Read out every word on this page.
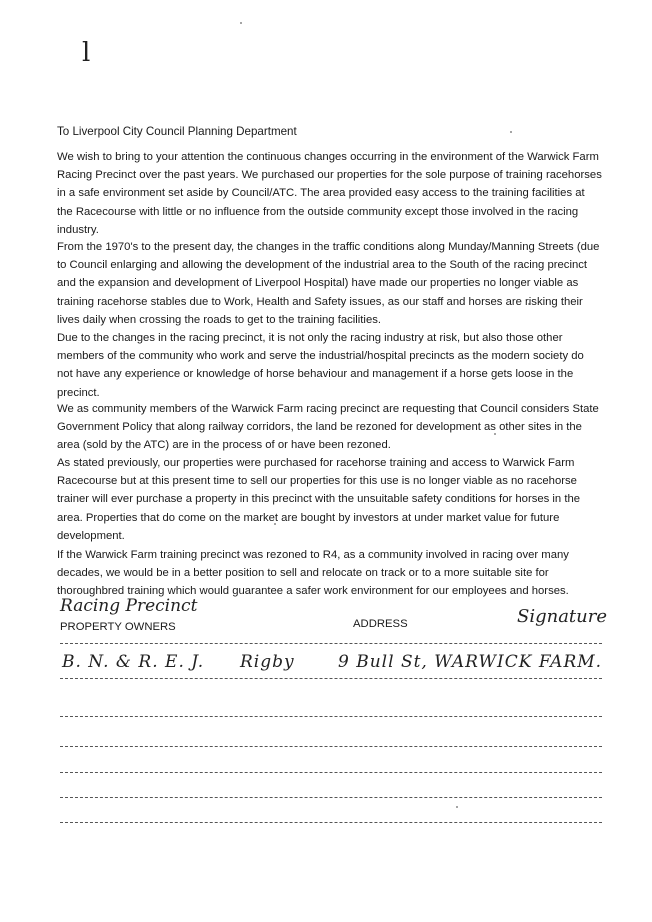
l
To Liverpool City Council Planning Department

We wish to bring to your attention the continuous changes occurring in the environment of the Warwick Farm Racing Precinct over the past years. We purchased our properties for the sole purpose of training racehorses in a safe environment set aside by Council/ATC. The area provided easy access to the training facilities at the Racecourse with little or no influence from the outside community except those involved in the racing industry.

From the 1970's to the present day, the changes in the traffic conditions along Munday/Manning Streets (due to Council enlarging and allowing the development of the industrial area to the South of the racing precinct and the expansion and development of Liverpool Hospital) have made our properties no longer viable as training racehorse stables due to Work, Health and Safety issues, as our staff and horses are risking their lives daily when crossing the roads to get to the training facilities.

Due to the changes in the racing precinct, it is not only the racing industry at risk, but also those other members of the community who work and serve the industrial/hospital precincts as the modern society do not have any experience or knowledge of horse behaviour and management if a horse gets loose in the precinct.

We as community members of the Warwick Farm racing precinct are requesting that Council considers State Government Policy that along railway corridors, the land be rezoned for development as other sites in the area (sold by the ATC) are in the process of or have been rezoned.

As stated previously, our properties were purchased for racehorse training and access to Warwick Farm Racecourse but at this present time to sell our properties for this use is no longer viable as no racehorse trainer will ever purchase a property in this precinct with the unsuitable safety conditions for horses in the area. Properties that do come on the market are bought by investors at under market value for future development.

If the Warwick Farm training precinct was rezoned to R4, as a community involved in racing over many decades, we would be in a better position to sell and relocate on track or to a more suitable site for thoroughbred training which would guarantee a safer work environment for our employees and horses.

Racing Precinct
PROPERTY OWNERS	ADDRESS	Signature
B. N. & R. E. J. Rigby	9 Bull St, WARWICK FARM.
